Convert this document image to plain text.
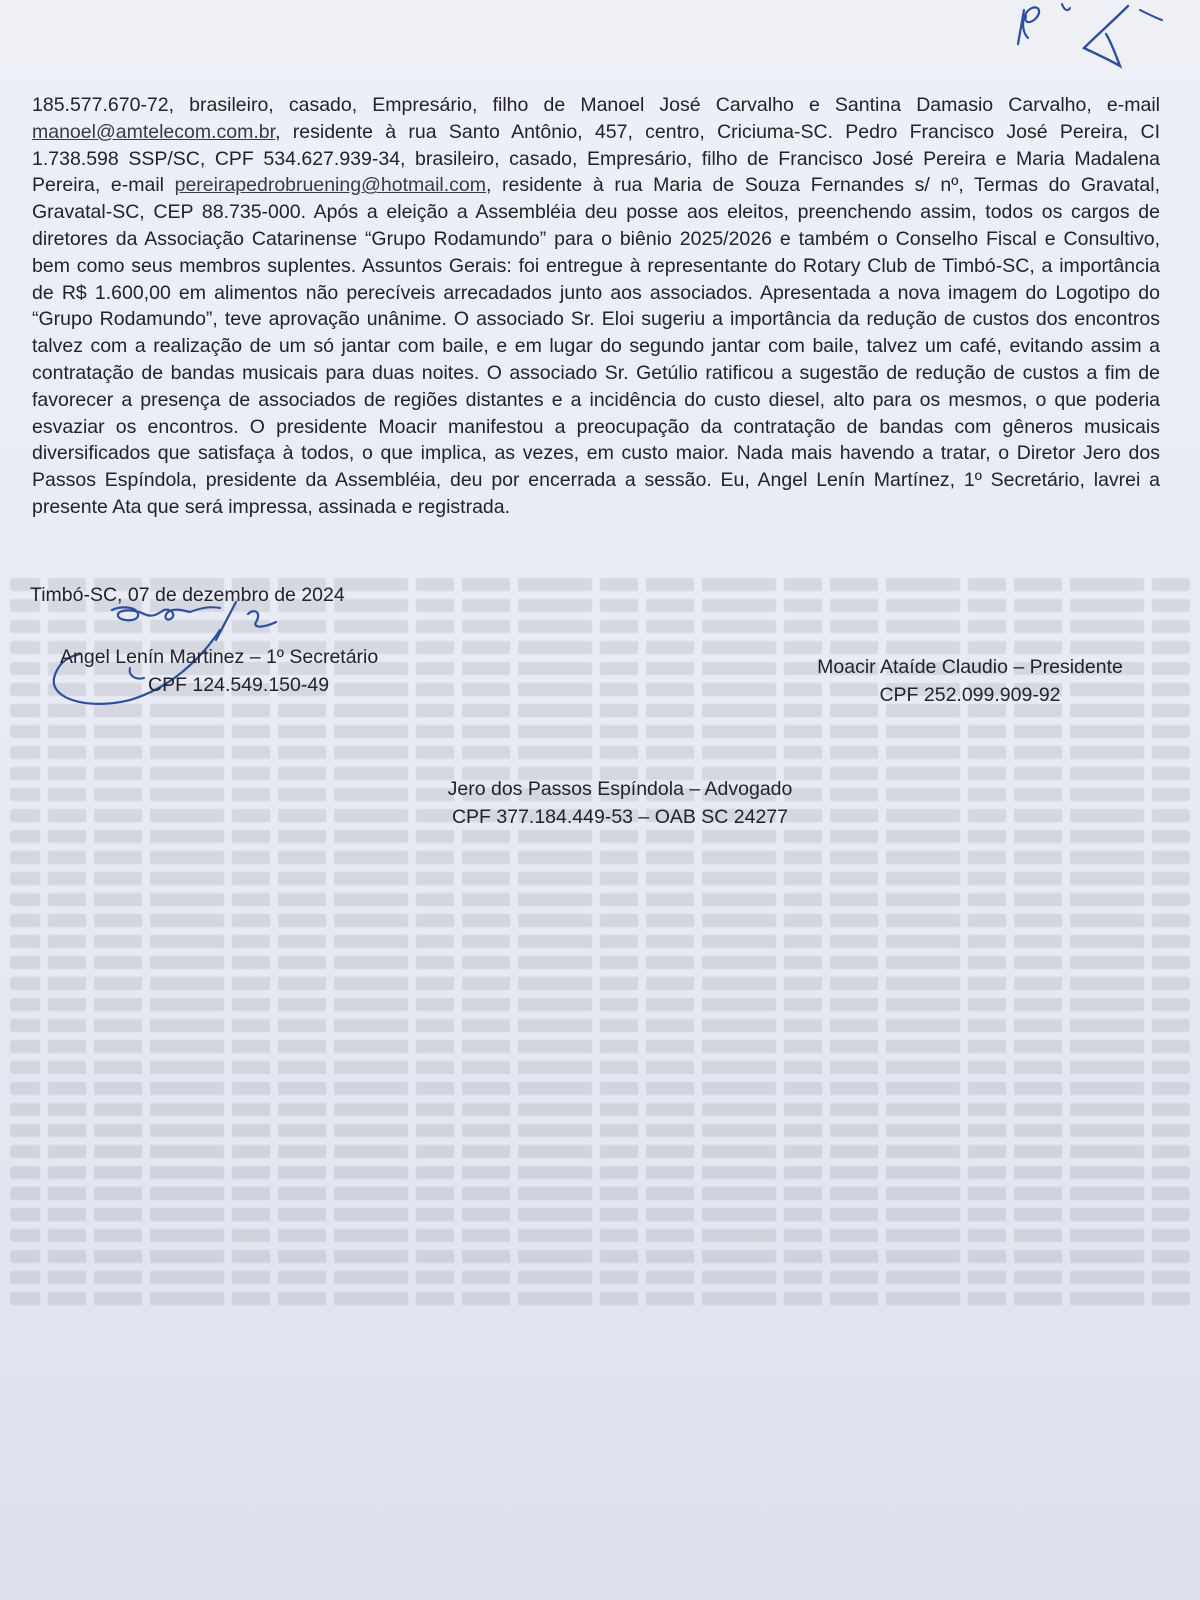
185.577.670-72, brasileiro, casado, Empresário, filho de Manoel José Carvalho e Santina Damasio Carvalho, e-mail manoel@amtelecom.com.br, residente à rua Santo Antônio, 457, centro, Criciuma-SC. Pedro Francisco José Pereira, CI 1.738.598 SSP/SC, CPF 534.627.939-34, brasileiro, casado, Empresário, filho de Francisco José Pereira e Maria Madalena Pereira, e-mail pereirapedrobruening@hotmail.com, residente à rua Maria de Souza Fernandes s/ nº, Termas do Gravatal, Gravatal-SC, CEP 88.735-000. Após a eleição a Assembléia deu posse aos eleitos, preenchendo assim, todos os cargos de diretores da Associação Catarinense “Grupo Rodamundo” para o biênio 2025/2026 e também o Conselho Fiscal e Consultivo, bem como seus membros suplentes. Assuntos Gerais: foi entregue à representante do Rotary Club de Timbó-SC, a importância de R$ 1.600,00 em alimentos não perecíveis arrecadados junto aos associados. Apresentada a nova imagem do Logotipo do “Grupo Rodamundo”, teve aprovação unânime. O associado Sr. Eloi sugeriu a importância da redução de custos dos encontros talvez com a realização de um só jantar com baile, e em lugar do segundo jantar com baile, talvez um café, evitando assim a contratação de bandas musicais para duas noites. O associado Sr. Getúlio ratificou a sugestão de redução de custos a fim de favorecer a presença de associados de regiões distantes e a incidência do custo diesel, alto para os mesmos, o que poderia esvaziar os encontros. O presidente Moacir manifestou a preocupação da contratação de bandas com gêneros musicais diversificados que satisfaça à todos, o que implica, as vezes, em custo maior. Nada mais havendo a tratar, o Diretor Jero dos Passos Espíndola, presidente da Assembléia, deu por encerrada a sessão. Eu, Angel Lenín Martínez, 1º Secretário, lavrei a presente Ata que será impressa, assinada e registrada.
Timbó-SC, 07 de dezembro de 2024
Angel Lenín Martinez – 1º Secretário
CPF 124.549.150-49
Moacir Ataíde Claudio – Presidente
CPF 252.099.909-92
Jero dos Passos Espíndola – Advogado
CPF 377.184.449-53 – OAB SC 24277
